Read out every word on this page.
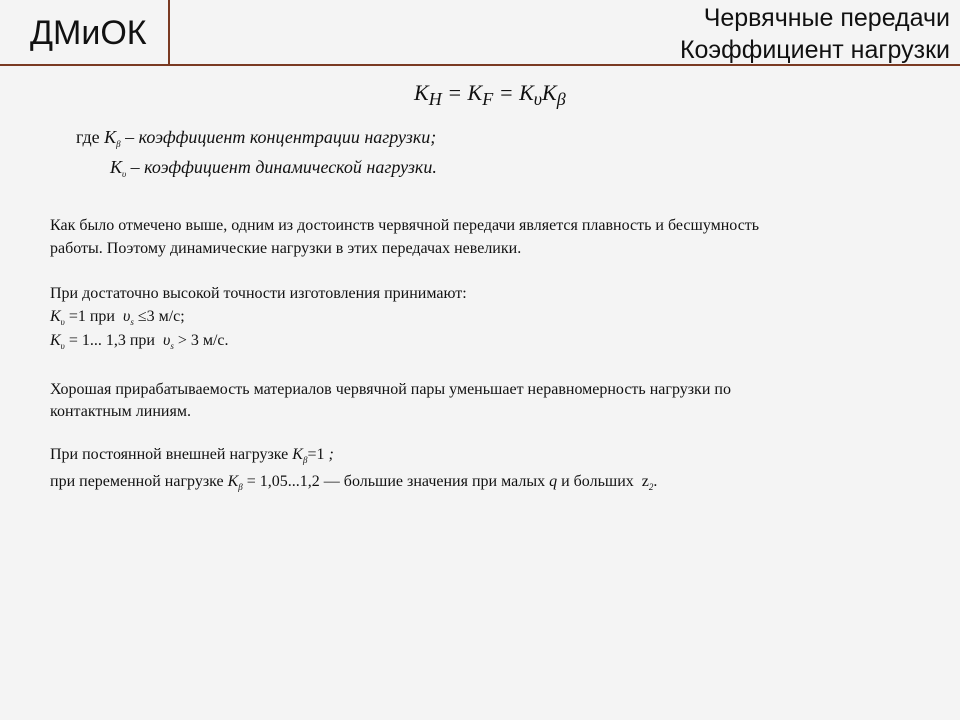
ДМиОК	Червячные передачи
Коэффициент нагрузки
$K_H = K_F = K_\upsilon K_\beta$
где $K_\beta$ – коэффициент концентрации нагрузки;
$K_\upsilon$ – коэффициент динамической нагрузки.
Как было отмечено выше, одним из достоинств червячной передачи является плавность и бесшумность
работы. Поэтому динамические нагрузки в этих передачах невелики.
При достаточно высокой точности изготовления принимают:
$K_\upsilon =1$ при $\upsilon_s \le 3$ м/с;
$K_\upsilon = 1$... 1,3 при $\upsilon_s > 3$ м/с.
Хорошая прирабатываемость материалов червячной пары уменьшает неравномерность нагрузки по
контактным линиям.
При постоянной внешней нагрузке $K_\beta=1$ ;
при переменной нагрузке $K_\beta = 1,05...1,2$ — большие значения при малых q и больших $z_2$.
